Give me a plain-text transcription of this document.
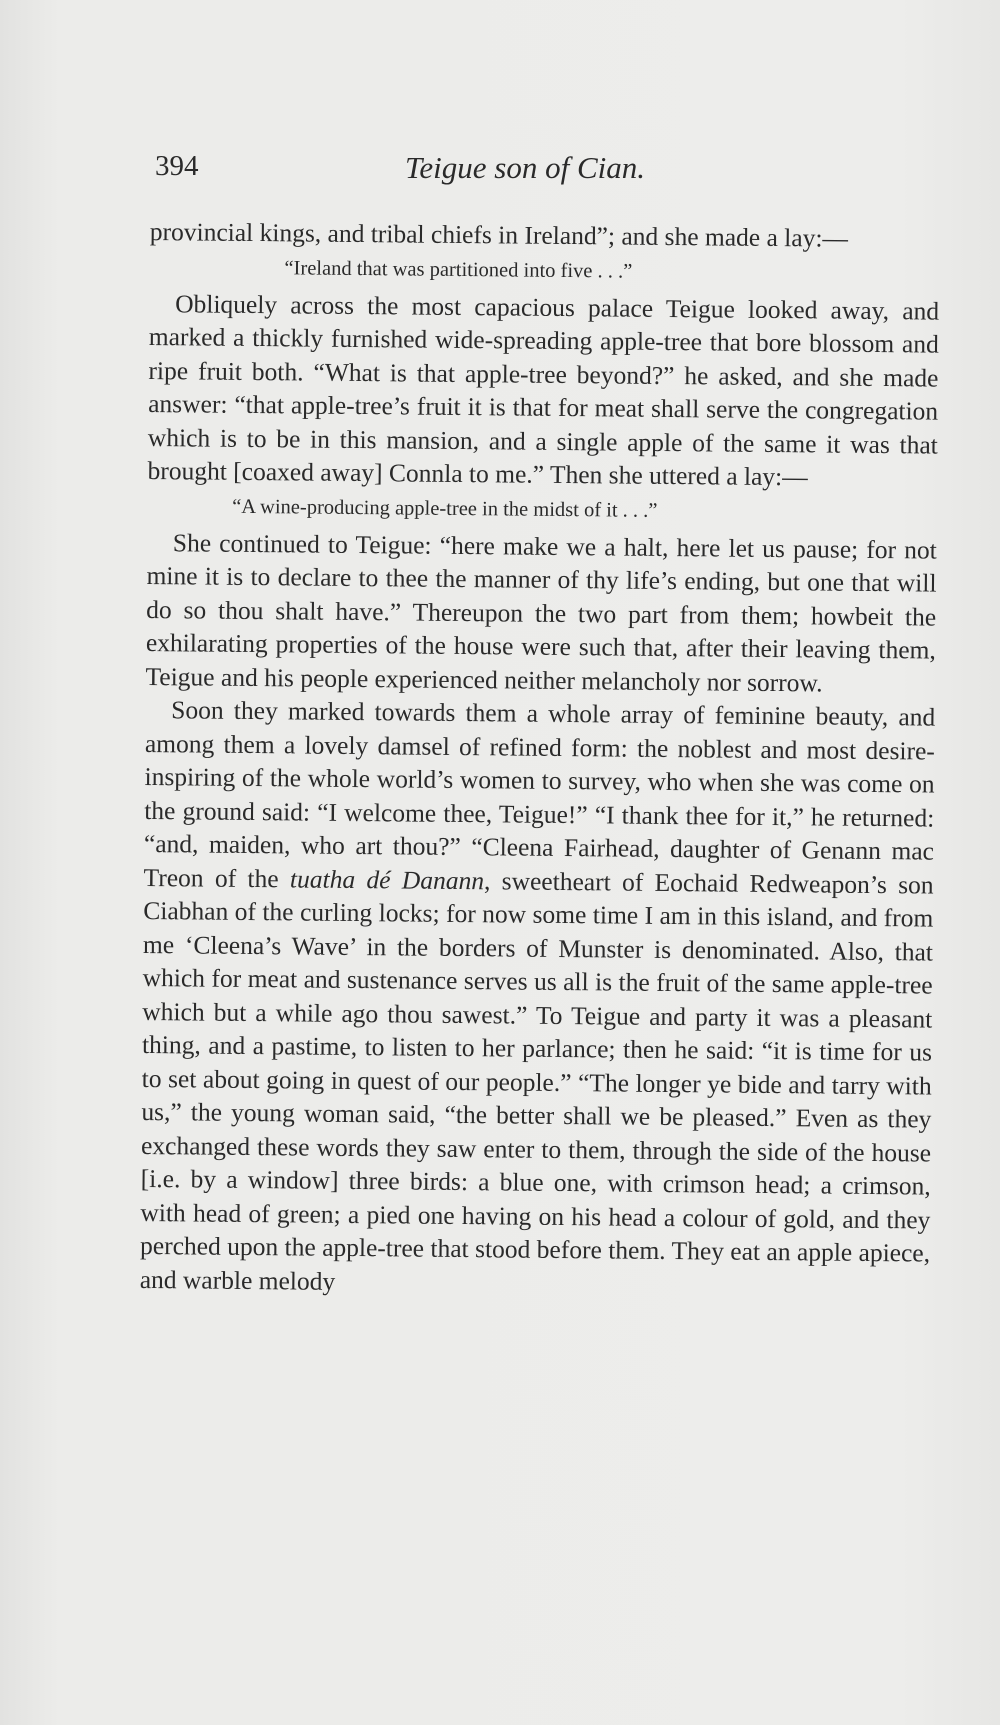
394	Teigue son of Cian.

provincial kings, and tribal chiefs in Ireland”; and she made a lay:—

“Ireland that was partitioned into five . . .”

Obliquely across the most capacious palace Teigue looked away, and marked a thickly furnished wide-spreading apple-tree that bore blossom and ripe fruit both. “What is that apple-tree beyond?” he asked, and she made answer: “that apple-tree’s fruit it is that for meat shall serve the congregation which is to be in this mansion, and a single apple of the same it was that brought [coaxed away] Connla to me.” Then she uttered a lay:—

“A wine-producing apple-tree in the midst of it . . .”

She continued to Teigue: “here make we a halt, here let us pause; for not mine it is to declare to thee the manner of thy life’s ending, but one that will do so thou shalt have.” Thereupon the two part from them; howbeit the exhilarating properties of the house were such that, after their leaving them, Teigue and his people experienced neither melancholy nor sorrow.

Soon they marked towards them a whole array of feminine beauty, and among them a lovely damsel of refined form: the noblest and most desire-inspiring of the whole world’s women to survey, who when she was come on the ground said: “I welcome thee, Teigue!” “I thank thee for it,” he returned: “and, maiden, who art thou?” “Cleena Fairhead, daughter of Genann mac Treon of the tuatha dé Danann, sweetheart of Eochaid Redweapon’s son Ciabhan of the curling locks; for now some time I am in this island, and from me ‘Cleena’s Wave’ in the borders of Munster is denominated. Also, that which for meat and sustenance serves us all is the fruit of the same apple-tree which but a while ago thou sawest.” To Teigue and party it was a pleasant thing, and a pastime, to listen to her parlance; then he said: “it is time for us to set about going in quest of our people.” “The longer ye bide and tarry with us,” the young woman said, “the better shall we be pleased.” Even as they exchanged these words they saw enter to them, through the side of the house [i.e. by a window] three birds: a blue one, with crimson head; a crimson, with head of green; a pied one having on his head a colour of gold, and they perched upon the apple-tree that stood before them. They eat an apple apiece, and warble melody
